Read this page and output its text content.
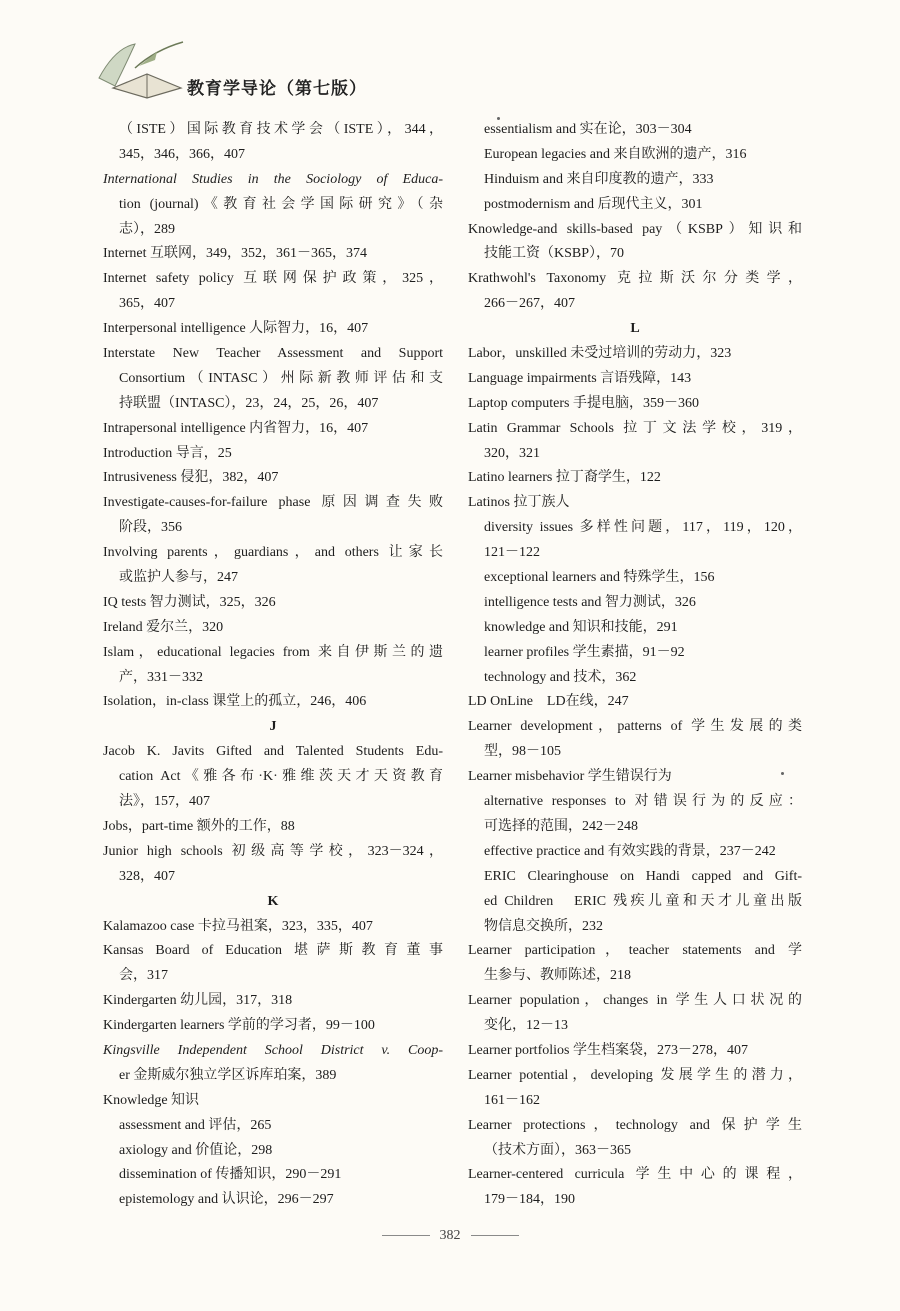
教育学导论（第七版）
（ISTE）国际教育技术学会（ISTE），344，
345，346，366，407
International Studies in the Sociology of Educa-
tion (journal)《教育社会学国际研究》（杂
志），289
Internet 互联网，349，352，361－365，374
Internet safety policy 互联网保护政策，325，
365，407
Interpersonal intelligence 人际智力，16，407
Interstate New Teacher Assessment and Support
Consortium（INTASC）州际新教师评估和支
持联盟（INTASC），23，24，25，26，407
Intrapersonal intelligence 内省智力，16，407
Introduction 导言，25
Intrusiveness 侵犯，382，407
Investigate-causes-for-failure phase 原因调查失败
阶段，356
Involving parents，guardians，and others 让家长
或监护人参与，247
IQ tests 智力测试，325，326
Ireland 爱尔兰，320
Islam，educational legacies from 来自伊斯兰的遗
产，331－332
Isolation，in-class 课堂上的孤立，246，406
J
Jacob K. Javits Gifted and Talented Students Edu-
cation Act《雅各布·K·雅维茨天才天资教育
法》，157，407
Jobs，part-time 额外的工作，88
Junior high schools 初级高等学校，323－324，
328，407
K
Kalamazoo case 卡拉马祖案，323，335，407
Kansas Board of Education 堪萨斯教育董事
会，317
Kindergarten 幼儿园，317，318
Kindergarten learners 学前的学习者，99－100
Kingsville Independent School District v. Coop-
er 金斯威尔独立学区诉库珀案，389
Knowledge 知识
assessment and 评估，265
axiology and 价值论，298
dissemination of 传播知识，290－291
epistemology and 认识论，296－297
essentialism and 实在论，303－304
European legacies and 来自欧洲的遗产，316
Hinduism and 来自印度教的遗产，333
postmodernism and 后现代主义，301
Knowledge-and skills-based pay（KSBP）知识和
技能工资（KSBP），70
Krathwohl's Taxonomy 克拉斯沃尔分类学，
266－267，407
L
Labor，unskilled 未受过培训的劳动力，323
Language impairments 言语残障，143
Laptop computers 手提电脑，359－360
Latin Grammar Schools 拉丁文法学校，319，
320，321
Latino learners 拉丁裔学生，122
Latinos 拉丁族人
diversity issues 多样性问题，117，119，120，
121－122
exceptional learners and 特殊学生，156
intelligence tests and 智力测试，326
knowledge and 知识和技能，291
learner profiles 学生素描，91－92
technology and 技术，362
LD OnLine　LD在线，247
Learner development，patterns of 学生发展的类
型，98－105
Learner misbehavior 学生错误行为
alternative responses to 对错误行为的反应：
可选择的范围，242－248
effective practice and 有效实践的背景，237－242
ERIC Clearinghouse on Handi capped and Gift-
ed Children　ERIC 残疾儿童和天才儿童出版
物信息交换所，232
Learner participation，teacher statements and 学
生参与、教师陈述，218
Learner population，changes in 学生人口状况的
变化，12－13
Learner portfolios 学生档案袋，273－278，407
Learner potential，developing 发展学生的潜力，
161－162
Learner protections，technology and 保护学生
（技术方面），363－365
Learner-centered curricula 学生中心的课程，
179－184，190
382
